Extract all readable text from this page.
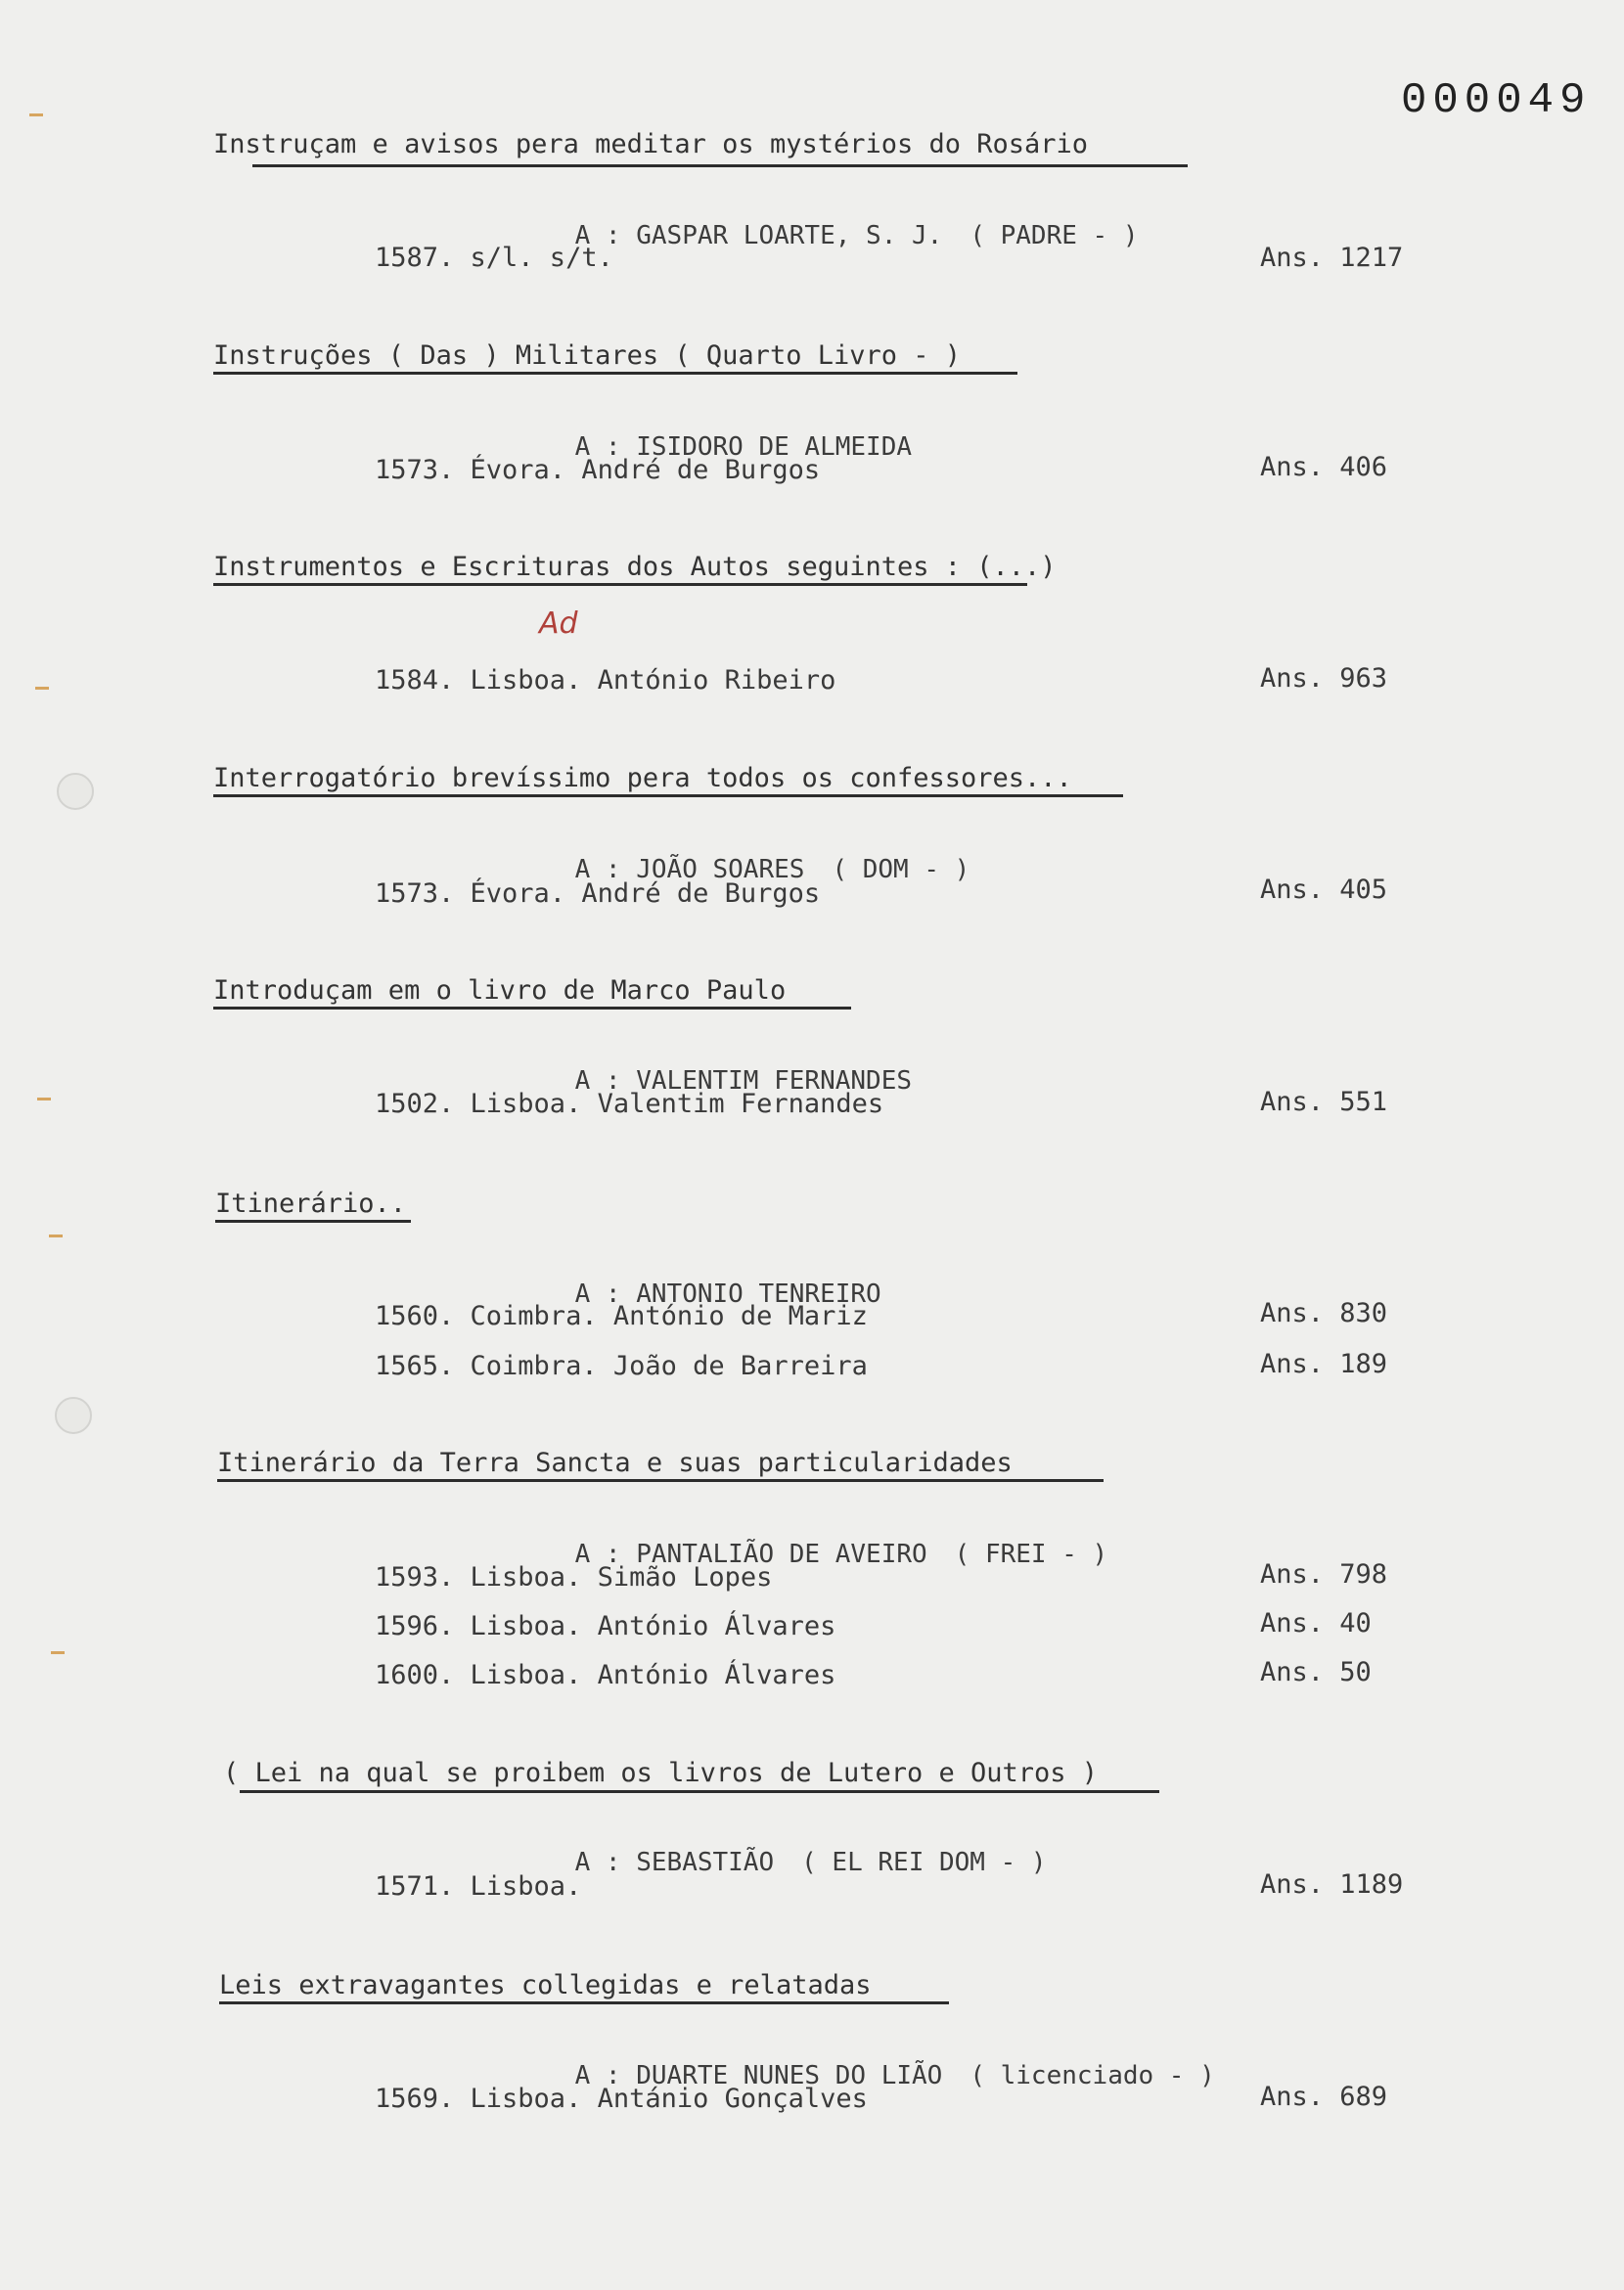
000049
Instruçam e avisos pera meditar os mystérios do Rosário

A : GASPAR LOARTE, S. J. ( PADRE - )

1587. s/l. s/t.	Ans. 1217
Instruções ( Das ) Militares ( Quarto Livro - )

A : ISIDORO DE ALMEIDA

1573. Évora. André de Burgos	Ans. 406
Instrumentos e Escrituras dos Autos seguintes : (...)
Ad
1584. Lisboa. António Ribeiro	Ans. 963
Interrogatório brevíssimo pera todos os confessores...

A : JOÃO SOARES ( DOM - )

1573. Évora. André de Burgos	Ans. 405
Introduçam em o livro de Marco Paulo

A : VALENTIM FERNANDES

1502. Lisboa. Valentim Fernandes	Ans. 551
Itinerário..

A : ANTONIO TENREIRO

1560. Coimbra. António de Mariz	Ans. 830
1565. Coimbra. João de Barreira	Ans. 189
Itinerário da Terra Sancta e suas particularidades

A : PANTALIÃO DE AVEIRO ( FREI - )

1593. Lisboa. Simão Lopes	Ans. 798
1596. Lisboa. António Álvares	Ans. 40
1600. Lisboa. António Álvares	Ans. 50
( Lei na qual se proibem os livros de Lutero e Outros )

A : SEBASTIÃO ( EL REI DOM - )

1571. Lisboa.	Ans. 1189
Leis extravagantes collegidas e relatadas

A : DUARTE NUNES DO LIÃO ( licenciado - )

1569. Lisboa. Antánio Gonçalves	Ans. 689
